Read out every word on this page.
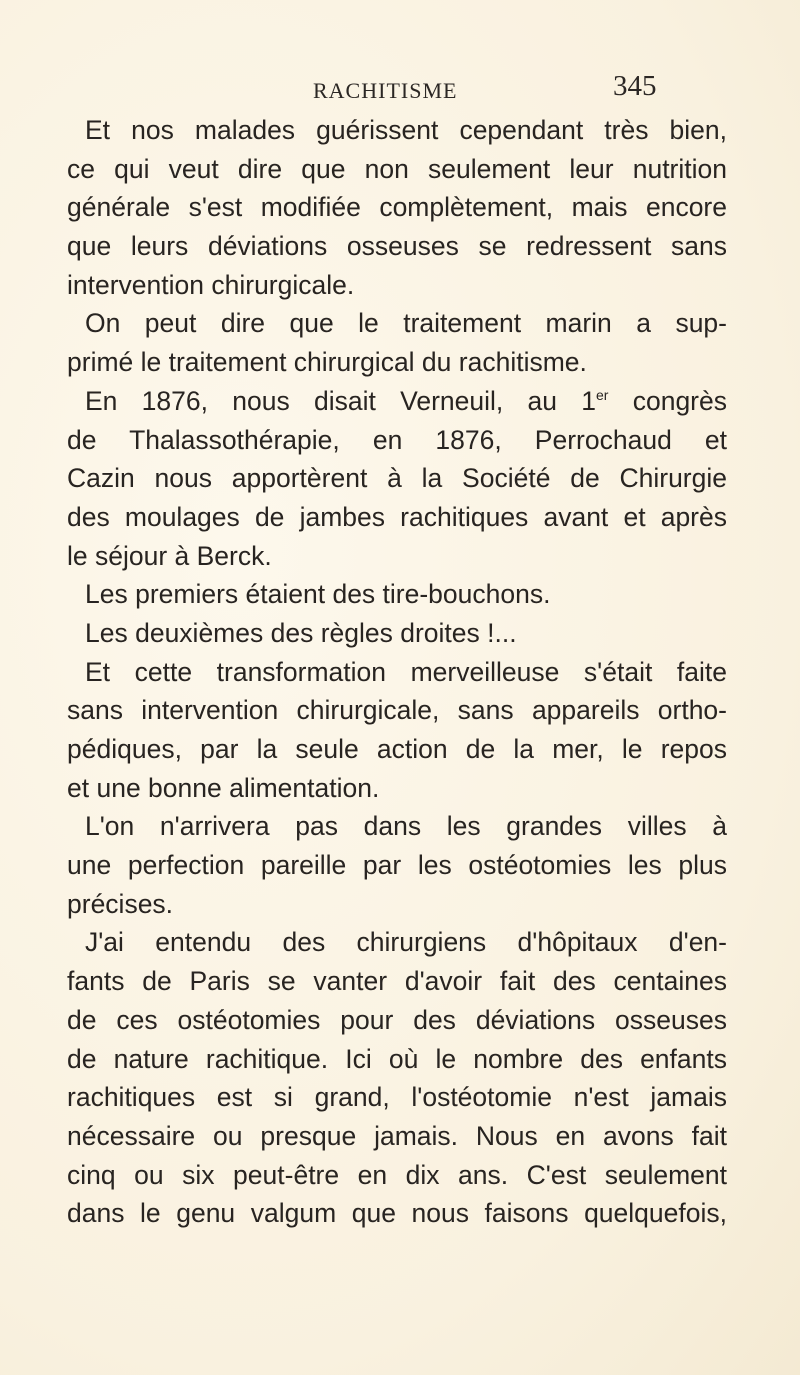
RACHITISME	345
Et nos malades guérissent cependant très bien,
ce qui veut dire que non seulement leur nutrition
générale s'est modifiée complètement, mais encore
que leurs déviations osseuses se redressent sans
intervention chirurgicale.
On peut dire que le traitement marin a sup-
primé le traitement chirurgical du rachitisme.
En 1876, nous disait Verneuil, au 1er congrès
de Thalassothérapie, en 1876, Perrochaud et
Cazin nous apportèrent à la Société de Chirurgie
des moulages de jambes rachitiques avant et après
le séjour à Berck.
Les premiers étaient des tire-bouchons.
Les deuxièmes des règles droites !...
Et cette transformation merveilleuse s'était faite
sans intervention chirurgicale, sans appareils ortho-
pédiques, par la seule action de la mer, le repos
et une bonne alimentation.
L'on n'arrivera pas dans les grandes villes à
une perfection pareille par les ostéotomies les plus
précises.
J'ai entendu des chirurgiens d'hôpitaux d'en-
fants de Paris se vanter d'avoir fait des centaines
de ces ostéotomies pour des déviations osseuses
de nature rachitique. Ici où le nombre des enfants
rachitiques est si grand, l'ostéotomie n'est jamais
nécessaire ou presque jamais. Nous en avons fait
cinq ou six peut-être en dix ans. C'est seulement
dans le genu valgum que nous faisons quelquefois,
